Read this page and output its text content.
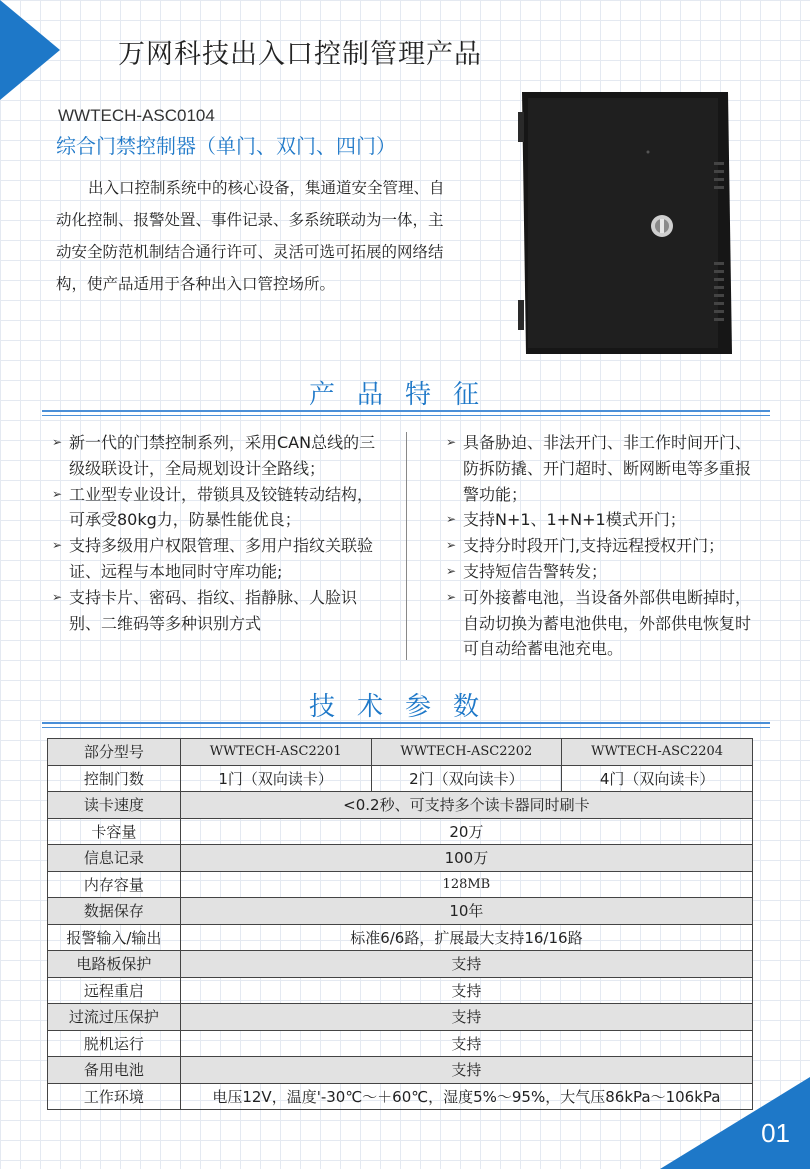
万网科技出入口控制管理产品
WWTECH-ASC0104
综合门禁控制器（单门、双门、四门）
出入口控制系统中的核心设备，集通道安全管理、自动化控制、报警处置、事件记录、多系统联动为一体，主动安全防范机制结合通行许可、灵活可选可拓展的网络结构，使产品适用于各种出入口管控场所。
产品特征
➢ 新一代的门禁控制系列，采用CAN总线的三级级联设计，全局规划设计全路线；
➢ 工业型专业设计，带锁具及铰链转动结构，可承受80kg力，防暴性能优良；
➢ 支持多级用户权限管理、多用户指纹关联验证、远程与本地同时守库功能;
➢ 支持卡片、密码、指纹、指静脉、人脸识别、二维码等多种识别方式
➢ 具备胁迫、非法开门、非工作时间开门、防拆防撬、开门超时、断网断电等多重报警功能；
➢ 支持N+1、1+N+1模式开门；
➢ 支持分时段开门,支持远程授权开门；
➢ 支持短信告警转发；
➢ 可外接蓄电池，当设备外部供电断掉时，自动切换为蓄电池供电，外部供电恢复时可自动给蓄电池充电。
技术参数
部分型号	WWTECH-ASC2201	WWTECH-ASC2202	WWTECH-ASC2204
控制门数	1门（双向读卡）	2门（双向读卡）	4门（双向读卡）
读卡速度	<0.2秒、可支持多个读卡器同时刷卡		
卡容量	20万		
信息记录	100万		
内存容量	128MB		
数据保存	10年		
报警输入/输出	标准6/6路，扩展最大支持16/16路		
电路板保护	支持		
远程重启	支持		
过流过压保护	支持		
脱机运行	支持		
备用电池	支持		
工作环境	电压12V，温度'-30℃～＋60℃，湿度5%～95%，大气压86kPa～106kPa		
01
